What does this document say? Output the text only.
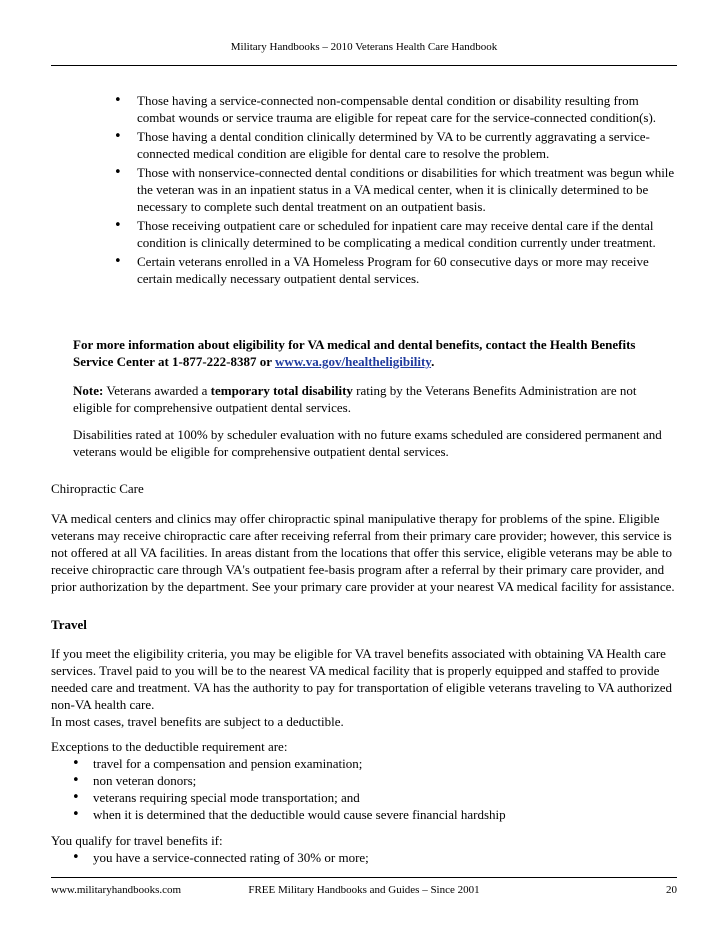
Military Handbooks – 2010 Veterans Health Care Handbook
• Those having a service-connected non-compensable dental condition or disability resulting from combat wounds or service trauma are eligible for repeat care for the service-connected condition(s).
• Those having a dental condition clinically determined by VA to be currently aggravating a service-connected medical condition are eligible for dental care to resolve the problem.
• Those with nonservice-connected dental conditions or disabilities for which treatment was begun while the veteran was in an inpatient status in a VA medical center, when it is clinically determined to be necessary to complete such dental treatment on an outpatient basis.
• Those receiving outpatient care or scheduled for inpatient care may receive dental care if the dental condition is clinically determined to be complicating a medical condition currently under treatment.
• Certain veterans enrolled in a VA Homeless Program for 60 consecutive days or more may receive certain medically necessary outpatient dental services.
For more information about eligibility for VA medical and dental benefits, contact the Health Benefits Service Center at 1-877-222-8387 or www.va.gov/healtheligibility.
Note: Veterans awarded a temporary total disability rating by the Veterans Benefits Administration are not eligible for comprehensive outpatient dental services.
Disabilities rated at 100% by scheduler evaluation with no future exams scheduled are considered permanent and veterans would be eligible for comprehensive outpatient dental services.
Chiropractic Care
VA medical centers and clinics may offer chiropractic spinal manipulative therapy for problems of the spine. Eligible veterans may receive chiropractic care after receiving referral from their primary care provider; however, this service is not offered at all VA facilities. In areas distant from the locations that offer this service, eligible veterans may be able to receive chiropractic care through VA's outpatient fee-basis program after a referral by their primary care provider, and prior authorization by the department. See your primary care provider at your nearest VA medical facility for assistance.
Travel
If you meet the eligibility criteria, you may be eligible for VA travel benefits associated with obtaining VA Health care services. Travel paid to you will be to the nearest VA medical facility that is properly equipped and staffed to provide needed care and treatment. VA has the authority to pay for transportation of eligible veterans traveling to VA authorized non-VA health care.
In most cases, travel benefits are subject to a deductible.
Exceptions to the deductible requirement are:
• travel for a compensation and pension examination;
• non veteran donors;
• veterans requiring special mode transportation; and
• when it is determined that the deductible would cause severe financial hardship
You qualify for travel benefits if:
• you have a service-connected rating of 30% or more;
www.militaryhandbooks.com	FREE Military Handbooks and Guides – Since 2001	20
